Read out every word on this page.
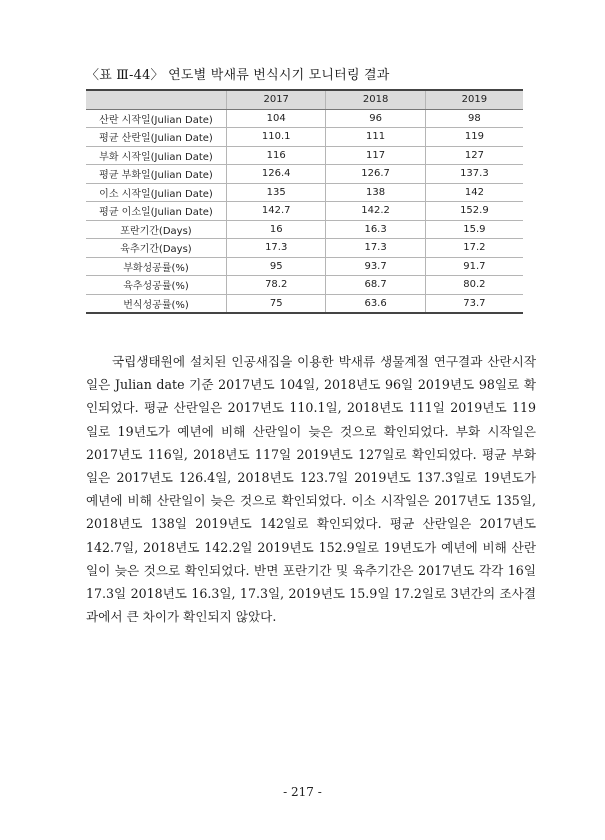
〈표 Ⅲ-44〉 연도별 박새류 번식시기 모니터링 결과
	2017	2018	2019
산란 시작일(Julian Date)	104	96	98
평균 산란일(Julian Date)	110.1	111	119
부화 시작일(Julian Date)	116	117	127
평균 부화일(Julian Date)	126.4	126.7	137.3
이소 시작일(Julian Date)	135	138	142
평균 이소일(Julian Date)	142.7	142.2	152.9
포란기간(Days)	16	16.3	15.9
육추기간(Days)	17.3	17.3	17.2
부화성공률(%)	95	93.7	91.7
육추성공률(%)	78.2	68.7	80.2
번식성공률(%)	75	63.6	73.7

국립생태원에 설치된 인공새집을 이용한 박새류 생물계절 연구결과 산란시작일은 Julian date 기준 2017년도 104일, 2018년도 96일 2019년도 98일로 확인되었다. 평균 산란일은 2017년도 110.1일, 2018년도 111일 2019년도 119일로 19년도가 예년에 비해 산란일이 늦은 것으로 확인되었다. 부화 시작일은 2017년도 116일, 2018년도 117일 2019년도 127일로 확인되었다. 평균 부화일은 2017년도 126.4일, 2018년도 123.7일 2019년도 137.3일로 19년도가 예년에 비해 산란일이 늦은 것으로 확인되었다. 이소 시작일은 2017년도 135일, 2018년도 138일 2019년도 142일로 확인되었다. 평균 산란일은 2017년도 142.7일, 2018년도 142.2일 2019년도 152.9일로 19년도가 예년에 비해 산란일이 늦은 것으로 확인되었다. 반면 포란기간 및 육추기간은 2017년도 각각 16일 17.3일 2018년도 16.3일, 17.3일, 2019년도 15.9일 17.2일로 3년간의 조사결과에서 큰 차이가 확인되지 않았다.

- 217 -
